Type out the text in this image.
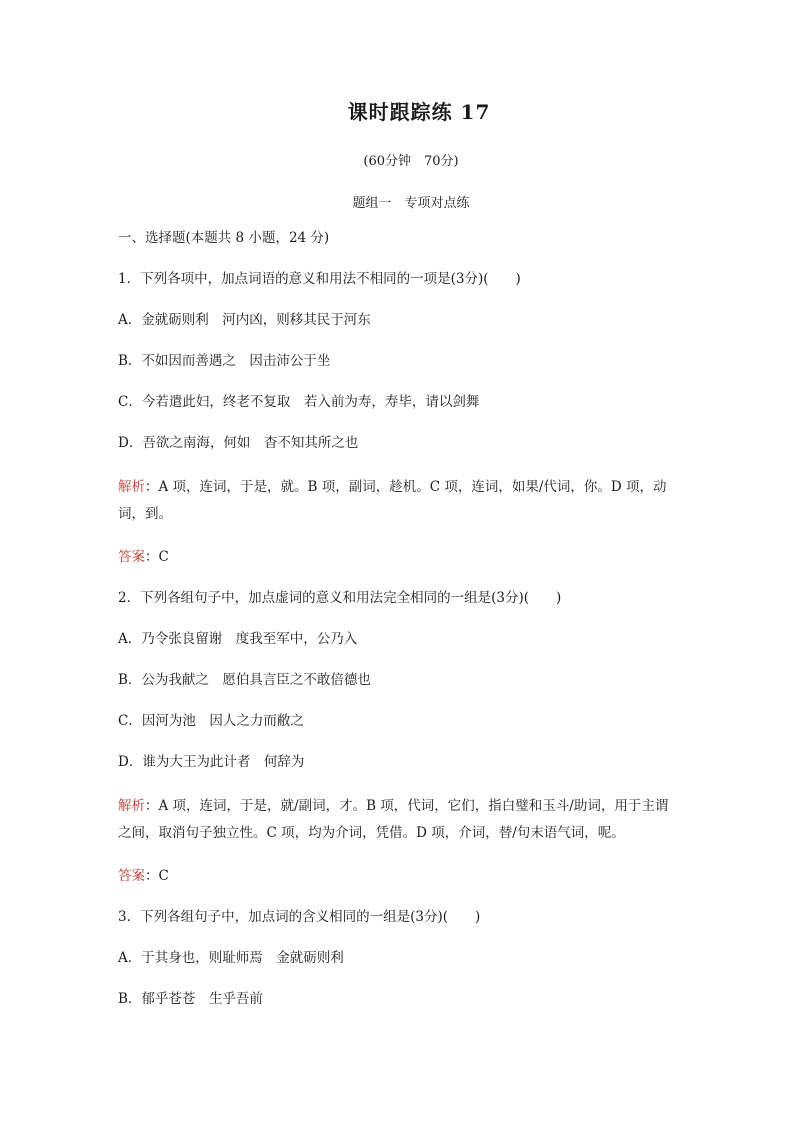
课时跟踪练 17
(60分钟　70分)
题组一　专项对点练

一、选择题(本题共 8 小题，24 分)

1．下列各项中，加点词语的意义和用法不相同的一项是(3分)(　　)

A．金就砺则利　河内凶，则移其民于河东

B．不如因而善遇之　因击沛公于坐

C．今若遣此妇，终老不复取　若入前为寿，寿毕，请以剑舞

D．吾欲之南海，何如　杳不知其所之也

解析：A 项，连词，于是，就。B 项，副词，趁机。C 项，连词，如果/代词，你。D 项，动词，到。

答案：C

2．下列各组句子中，加点虚词的意义和用法完全相同的一组是(3分)(　　)

A．乃令张良留谢　度我至军中，公乃入

B．公为我献之　愿伯具言臣之不敢倍德也

C．因河为池　因人之力而敝之

D．谁为大王为此计者　何辞为

解析：A 项，连词，于是，就/副词，才。B 项，代词，它们，指白璧和玉斗/助词，用于主谓之间，取消句子独立性。C 项，均为介词，凭借。D 项，介词，替/句末语气词，呢。

答案：C

3．下列各组句子中，加点词的含义相同的一组是(3分)(　　)

A．于其身也，则耻师焉　金就砺则利

B．郁乎苍苍　生乎吾前
